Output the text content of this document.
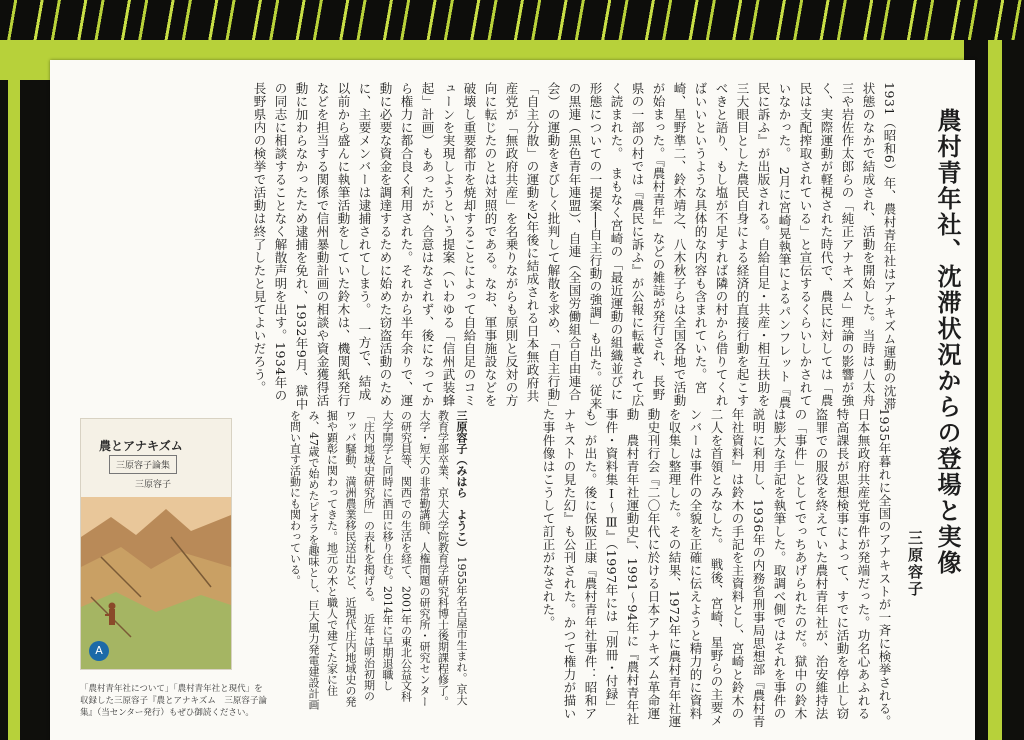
農村青年社、沈滞状況からの登場と実像
三原容子
1931（昭和6）年、農村青年社はアナキズム運動の沈滞状態のなかで結成され、活動を開始した。当時は八太舟三や岩佐作太郎らの「純正アナキズム」理論の影響が強く、実際運動が軽視された時代で、農民に対しては「農民は支配搾取されている」と宣伝するくらいしかされていなかった。　2月に宮崎晃執筆によるパンフレット『農民に訴ふ』が出版される。自給自足・共産・相互扶助を三大眼目とした農民自身による経済的直接行動を起こすべきと語り、もし塩が不足すれば隣の村から借りてくればいいというような具体的な内容も含まれていた。宮崎、星野準二、鈴木靖之、八木秋子らは全国各地で活動が始まった。『農村青年』などの雑誌が発行され、長野県の一部の村では『農民に訴ふ』が公報に転載されて広く読まれた。　まもなく宮崎の「最近運動の組織並びに形態についての一提案──自主行動の強調」も出た。従来の黒連（黒色青年連盟）、自連（全国労働組合自由連合会）の運動をきびしく批判して解散を求め、「自主行動」「自主分散」の運動を2年後に結成される日本無政府共産党が「無政府共産」を名乗りながらも原則と反対の方向に転じたのとは対照的である。なお、軍事施設などを破壊し重要都市を焼却することによって自給自足のコミューンを実現しようという提案（いわゆる「信州武装蜂起」計画）もあったが、合意はなされず、後になってから権力に都合良く利用された。それから半年余りで、運動に必要な資金を調達するために始めた窃盗活動のために、主要メンバーは逮捕されてしまう。　一方で、結成以前から盛んに執筆活動をしていた鈴木は、機関紙発行などを担当する関係で信州暴動計画の相談や資金獲得活動に加わらなかったため逮捕を免れ、1932年9月、獄中の同志に相談することなく解散声明を出す。1934年の長野県内の検挙で活動は終了したと見てよいだろう。
1935年暮れに全国のアナキストが一斉に検挙される。日本無政府共産党事件が発端だった。功名心あふれる特高課長が思想検事によって、すでに活動を停止し窃盗罪での服役を終えていた農村青年社が、治安維持法の「事件」としてでっちあげられたのだ。獄中の鈴木は膨大な手記を執筆した。取調べ側ではそれを事件の説明に利用し、1936年の内務省刑事局思想部『農村青年社資料』は鈴木の手記を主資料とし、宮崎と鈴木の二人を首領とみなした。　戦後、宮崎、星野らの主要メンバーは事件の全貌を正確に伝えようと精力的に資料を収集し整理した。その結果、1972年に農村青年社運動史刊行会『二〇年代に於ける日本アナキズム革命運動　農村青年社運動史』、1991〜94年に『農村青年社事件・資料集Ⅰ〜Ⅲ』（1997年には「別冊・付録」も）が出た。後に保阪正康『農村青年社事件：昭和アナキストの見た幻』も公刊された。かつて権力が描いた事件像はこうして訂正がなされた。
三原容子（みはら　ようこ） 1955年名古屋市生まれ。京大教育学部卒業、京大大学院教育学研究科博士後期課程修了。大学・短大の非常勤講師、人権問題の研究所・研究センターの研究員等、関西での生活を経て、2001年の東北公益文科大学開学と同時に酒田に移り住む。2014年に早期退職し「庄内地域史研究所」の表札を掲げる。　近年は明治初期のワッパ騒動、満洲農業移民送出など、近現代庄内地域史の発掘や顕彰に関わってきた。地元の木と職人で建てた家に住み、47歳で始めたピオラを趣味とし、巨大風力発電建設計画を問い直す活動にも関わっている。
農とアナキズム
三原容子論集
三原容子
A
「農村青年社について」「農村青年社と現代」を収録した三原容子『農とアナキズム　三原容子論集』（当センター発行）もぜひ御読ください。
